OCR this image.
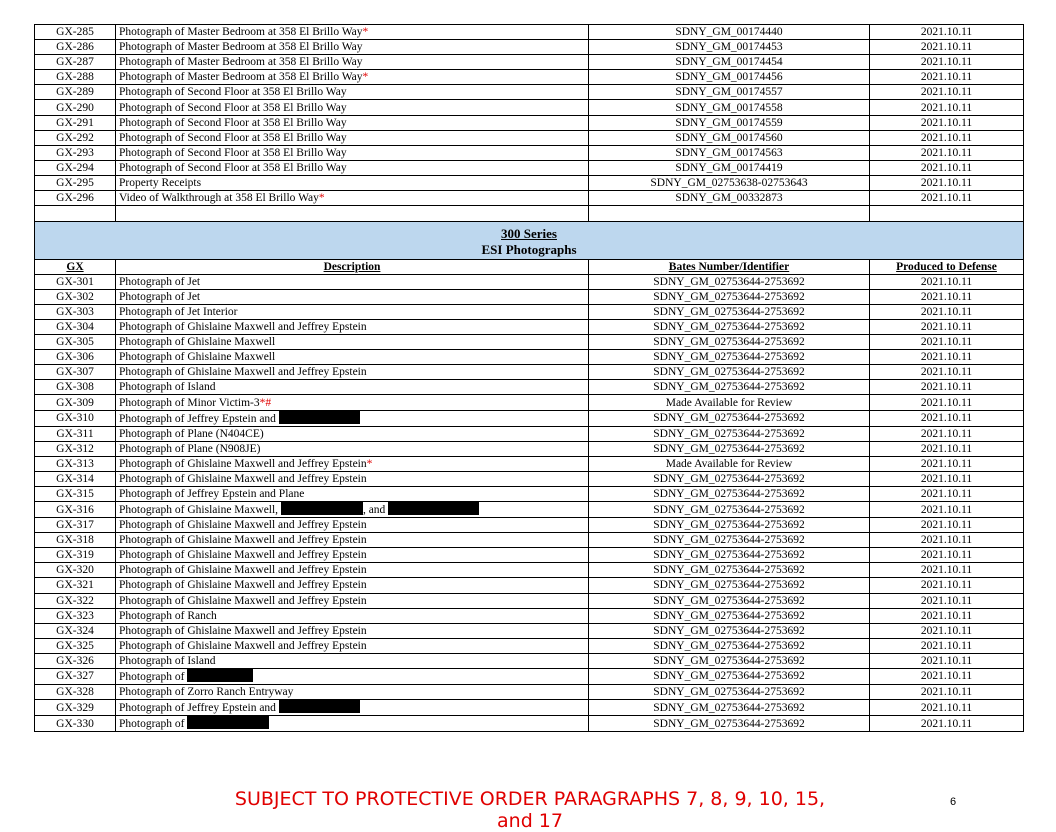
GX-285	Photograph of Master Bedroom at 358 El Brillo Way*	SDNY_GM_00174440	2021.10.11
GX-286	Photograph of Master Bedroom at 358 El Brillo Way	SDNY_GM_00174453	2021.10.11
GX-287	Photograph of Master Bedroom at 358 El Brillo Way	SDNY_GM_00174454	2021.10.11
GX-288	Photograph of Master Bedroom at 358 El Brillo Way*	SDNY_GM_00174456	2021.10.11
GX-289	Photograph of Second Floor at 358 El Brillo Way	SDNY_GM_00174557	2021.10.11
GX-290	Photograph of Second Floor at 358 El Brillo Way	SDNY_GM_00174558	2021.10.11
GX-291	Photograph of Second Floor at 358 El Brillo Way	SDNY_GM_00174559	2021.10.11
GX-292	Photograph of Second Floor at 358 El Brillo Way	SDNY_GM_00174560	2021.10.11
GX-293	Photograph of Second Floor at 358 El Brillo Way	SDNY_GM_00174563	2021.10.11
GX-294	Photograph of Second Floor at 358 El Brillo Way	SDNY_GM_00174419	2021.10.11
GX-295	Property Receipts	SDNY_GM_02753638-02753643	2021.10.11
GX-296	Video of Walkthrough at 358 El Brillo Way*	SDNY_GM_00332873	2021.10.11

300 Series
ESI Photographs			

GX	Description	Bates Number/Identifier	Produced to Defense
GX-301	Photograph of Jet	SDNY_GM_02753644-2753692	2021.10.11
GX-302	Photograph of Jet	SDNY_GM_02753644-2753692	2021.10.11
GX-303	Photograph of Jet Interior	SDNY_GM_02753644-2753692	2021.10.11
GX-304	Photograph of Ghislaine Maxwell and Jeffrey Epstein	SDNY_GM_02753644-2753692	2021.10.11
GX-305	Photograph of Ghislaine Maxwell	SDNY_GM_02753644-2753692	2021.10.11
GX-306	Photograph of Ghislaine Maxwell	SDNY_GM_02753644-2753692	2021.10.11
GX-307	Photograph of Ghislaine Maxwell and Jeffrey Epstein	SDNY_GM_02753644-2753692	2021.10.11
GX-308	Photograph of Island	SDNY_GM_02753644-2753692	2021.10.11
GX-309	Photograph of Minor Victim-3*#	Made Available for Review	2021.10.11
GX-310	Photograph of Jeffrey Epstein and	SDNY_GM_02753644-2753692	2021.10.11
GX-311	Photograph of Plane (N404CE)	SDNY_GM_02753644-2753692	2021.10.11
GX-312	Photograph of Plane (N908JE)	SDNY_GM_02753644-2753692	2021.10.11
GX-313	Photograph of Ghislaine Maxwell and Jeffrey Epstein*	Made Available for Review	2021.10.11
GX-314	Photograph of Ghislaine Maxwell and Jeffrey Epstein	SDNY_GM_02753644-2753692	2021.10.11
GX-315	Photograph of Jeffrey Epstein and Plane	SDNY_GM_02753644-2753692	2021.10.11
GX-316	Photograph of Ghislaine Maxwell, , and	SDNY_GM_02753644-2753692	2021.10.11
GX-317	Photograph of Ghislaine Maxwell and Jeffrey Epstein	SDNY_GM_02753644-2753692	2021.10.11
GX-318	Photograph of Ghislaine Maxwell and Jeffrey Epstein	SDNY_GM_02753644-2753692	2021.10.11
GX-319	Photograph of Ghislaine Maxwell and Jeffrey Epstein	SDNY_GM_02753644-2753692	2021.10.11
GX-320	Photograph of Ghislaine Maxwell and Jeffrey Epstein	SDNY_GM_02753644-2753692	2021.10.11
GX-321	Photograph of Ghislaine Maxwell and Jeffrey Epstein	SDNY_GM_02753644-2753692	2021.10.11
GX-322	Photograph of Ghislaine Maxwell and Jeffrey Epstein	SDNY_GM_02753644-2753692	2021.10.11
GX-323	Photograph of Ranch	SDNY_GM_02753644-2753692	2021.10.11
GX-324	Photograph of Ghislaine Maxwell and Jeffrey Epstein	SDNY_GM_02753644-2753692	2021.10.11
GX-325	Photograph of Ghislaine Maxwell and Jeffrey Epstein	SDNY_GM_02753644-2753692	2021.10.11
GX-326	Photograph of Island	SDNY_GM_02753644-2753692	2021.10.11
GX-327	Photograph of	SDNY_GM_02753644-2753692	2021.10.11
GX-328	Photograph of Zorro Ranch Entryway	SDNY_GM_02753644-2753692	2021.10.11
GX-329	Photograph of Jeffrey Epstein and	SDNY_GM_02753644-2753692	2021.10.11
GX-330	Photograph of	SDNY_GM_02753644-2753692	2021.10.11
SUBJECT TO PROTECTIVE ORDER PARAGRAPHS 7, 8, 9, 10, 15, and 17
6
